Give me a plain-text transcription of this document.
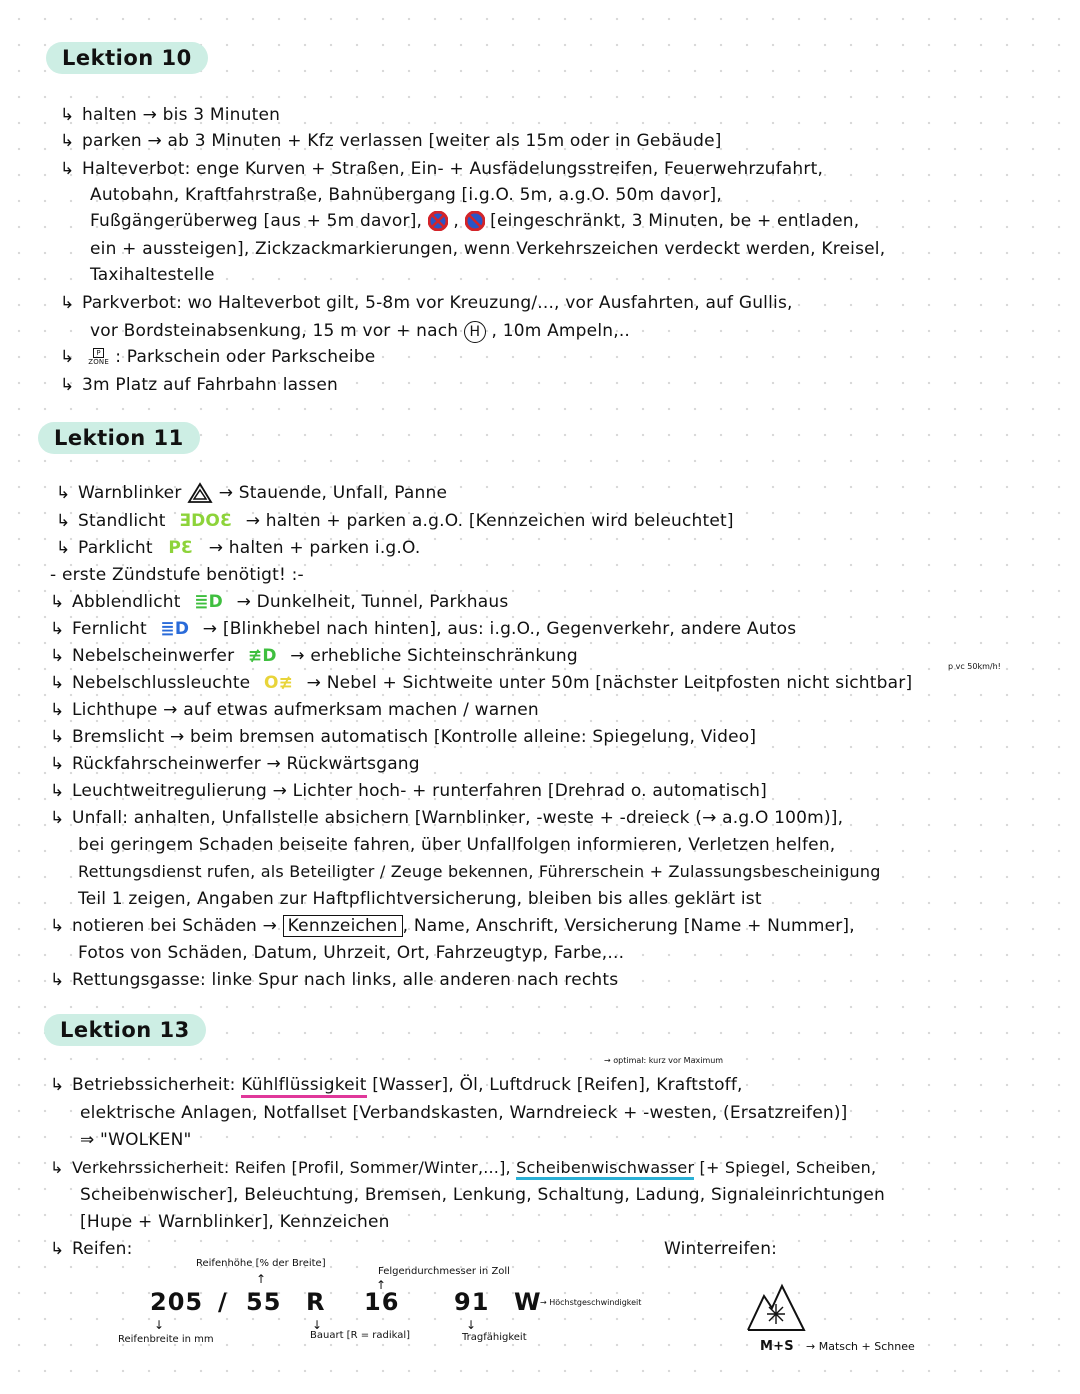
Lektion 10
↳ halten → bis 3 Minuten
↳ parken → ab 3 Minuten + Kfz verlassen [weiter als 15m oder in Gebäude]
↳ Halteverbot: enge Kurven + Straßen, Ein- + Ausfädelungsstreifen, Feuerwehrzufahrt,
Autobahn, Kraftfahrstraße, Bahnübergang [i.g.O. 5m, a.g.O. 50m davor],
Fußgängerüberweg [aus + 5m davor],  ,  [eingeschränkt, 3 Minuten, be + entladen,
ein + aussteigen], Zickzackmarkierungen, wenn Verkehrszeichen verdeckt werden, Kreisel,
Taxihaltestelle
↳ Parkverbot: wo Halteverbot gilt, 5-8m vor Kreuzung/..., vor Ausfahrten, auf Gullis,
vor Bordsteinabsenkung, 15 m vor + nach H , 10m Ampeln,..
↳	P
ZONE : Parkschein oder Parkscheibe
↳ 3m Platz auf Fahrbahn lassen
Lektion 11
↳ Warnblinker → Stauende, Unfall, Panne
↳ Standlicht ƎDOƐ → halten + parken a.g.O. [Kennzeichen wird beleuchtet]
↳ Parklicht PƐ → halten + parken i.g.O.
- erste Zündstufe benötigt! :-
↳ Abblendlicht ≣D → Dunkelheit, Tunnel, Parkhaus
↳ Fernlicht ≣D → [Blinkhebel nach hinten], aus: i.g.O., Gegenverkehr, andere Autos
↳ Nebelscheinwerfer ≢D → erhebliche Sichteinschränkung
p vc 50km/h!
↳ Nebelschlussleuchte O≢ → Nebel + Sichtweite unter 50m [nächster Leitpfosten nicht sichtbar]
↳ Lichthupe → auf etwas aufmerksam machen / warnen
↳ Bremslicht → beim bremsen automatisch [Kontrolle alleine: Spiegelung, Video]
↳ Rückfahrscheinwerfer → Rückwärtsgang
↳ Leuchtweitregulierung → Lichter hoch- + runterfahren [Drehrad o. automatisch]
↳ Unfall: anhalten, Unfallstelle absichern [Warnblinker, -weste + -dreieck (→ a.g.O 100m)],
bei geringem Schaden beiseite fahren, über Unfallfolgen informieren, Verletzen helfen,
Rettungsdienst rufen, als Beteiligter / Zeuge bekennen, Führerschein + Zulassungsbescheinigung
Teil 1 zeigen, Angaben zur Haftpflichtversicherung, bleiben bis alles geklärt ist
↳ notieren bei Schäden → Kennzeichen , Name, Anschrift, Versicherung [Name + Nummer],
Fotos von Schäden, Datum, Uhrzeit, Ort, Fahrzeugtyp, Farbe,...
↳ Rettungsgasse: linke Spur nach links, alle anderen nach rechts
Lektion 13
→ optimal: kurz vor Maximum
↳ Betriebssicherheit: Kühlflüssigkeit [Wasser], Öl, Luftdruck [Reifen], Kraftstoff,
elektrische Anlagen, Notfallset [Verbandskasten, Warndreieck + -westen, (Ersatzreifen)]
⇒ "WOLKEN"
↳ Verkehrssicherheit: Reifen [Profil, Sommer/Winter,...], Scheibenwischwasser [+ Spiegel, Scheiben,
Scheibenwischer], Beleuchtung, Bremsen, Lenkung, Schaltung, Ladung, Signaleinrichtungen
[Hupe + Warnblinker], Kennzeichen
↳ Reifen:	Winterreifen:
Reifenhöhe [% der Breite]
Felgendurchmesser in Zoll
↑	↑
205 / 55 R 16 91 W
→ Höchstgeschwindigkeit
↓	↓	↓
Reifenbreite in mm	Bauart [R = radikal]	Tragfähigkeit
M+S → Matsch + Schnee
